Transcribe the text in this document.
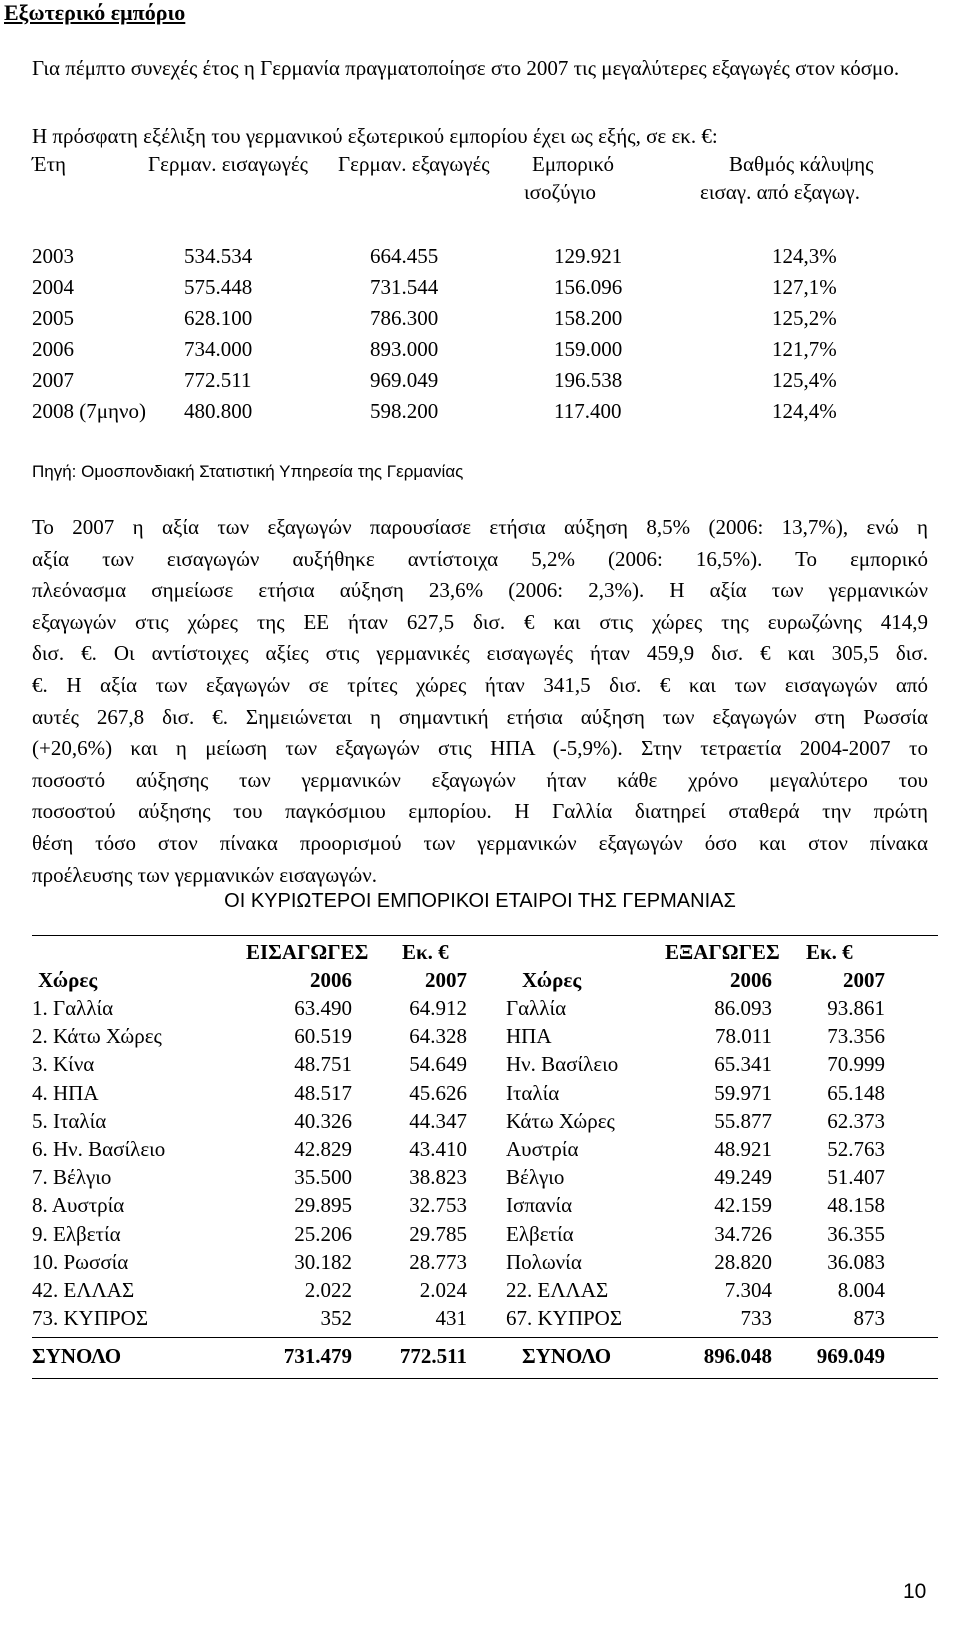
Εξωτερικό εμπόριο
Για πέμπτο συνεχές έτος η Γερμανία πραγματοποίησε στο 2007 τις μεγαλύτερες εξαγωγές στον κόσμο.
Η πρόσφατη εξέλιξη του γερμανικού εξωτερικού εμπορίου έχει ως εξής, σε εκ. €:
Έτη	Γερμαν. εισαγωγές Γερμαν. εξαγωγές Εμπορικό	Βαθμός κάλυψης
ισοζύγιο	εισαγ. από εξαγωγ.
2003	534.534	664.455	129.921	124,3%
2004	575.448	731.544	156.096	127,1%
2005	628.100	786.300	158.200	125,2%
2006	734.000	893.000	159.000	121,7%
2007	772.511	969.049	196.538	125,4%
2008 (7μηνο) 480.800	598.200	117.400	124,4%
Πηγή: Ομοσπονδιακή Στατιστική Υπηρεσία της Γερμανίας
Το 2007 η αξία των εξαγωγών παρουσίασε ετήσια αύξηση 8,5% (2006: 13,7%), ενώ η
αξία των εισαγωγών αυξήθηκε αντίστοιχα 5,2% (2006: 16,5%). Το εμπορικό
πλεόνασμα σημείωσε ετήσια αύξηση 23,6% (2006: 2,3%). Η αξία των γερμανικών
εξαγωγών στις χώρες της ΕΕ ήταν 627,5 δισ. € και στις χώρες της ευρωζώνης 414,9
δισ. €. Οι αντίστοιχες αξίες στις γερμανικές εισαγωγές ήταν 459,9 δισ. € και 305,5 δισ.
€. Η αξία των εξαγωγών σε τρίτες χώρες ήταν 341,5 δισ. € και των εισαγωγών από
αυτές 267,8 δισ. €. Σημειώνεται η σημαντική ετήσια αύξηση των εξαγωγών στη Ρωσσία
(+20,6%) και η μείωση των εξαγωγών στις ΗΠΑ (-5,9%). Στην τετραετία 2004-2007 το
ποσοστό αύξησης των γερμανικών εξαγωγών ήταν κάθε χρόνο μεγαλύτερο του
ποσοστού αύξησης του παγκόσμιου εμπορίου. Η Γαλλία διατηρεί σταθερά την πρώτη
θέση τόσο στον πίνακα προορισμού των γερμανικών εξαγωγών όσο και στον πίνακα
προέλευσης των γερμανικών εισαγωγών.
ΟΙ ΚΥΡΙΩΤΕΡΟΙ ΕΜΠΟΡΙΚΟΙ ΕΤΑΙΡΟΙ ΤΗΣ ΓΕΡΜΑΝΙΑΣ
ΕΙΣΑΓΩΓΕΣ Εκ. €	ΕΞΑΓΩΓΕΣ Εκ. €
Χώρες	2006	2007	Χώρες	2006	2007
1. Γαλλία	63.490	64.912 Γαλλία	86.093	93.861
2. Κάτω Χώρες	60.519	64.328 ΗΠΑ	78.011	73.356
3. Κίνα	48.751	54.649 Ην. Βασίλειο	65.341	70.999
4. ΗΠΑ	48.517	45.626 Ιταλία	59.971	65.148
5. Ιταλία	40.326	44.347 Κάτω Χώρες	55.877	62.373
6. Ην. Βασίλειο	42.829	43.410 Αυστρία	48.921	52.763
7. Βέλγιο	35.500	38.823 Βέλγιο	49.249	51.407
8. Αυστρία	29.895	32.753 Ισπανία	42.159	48.158
9. Ελβετία	25.206	29.785 Ελβετία	34.726	36.355
10. Ρωσσία	30.182	28.773 Πολωνία	28.820	36.083
42. ΕΛΛΑΣ	2.022	2.024 22. ΕΛΛΑΣ	7.304	8.004
73. ΚΥΠΡΟΣ	352	431 67. ΚΥΠΡΟΣ	733	873
ΣΥΝΟΛΟ	731.479	772.511	ΣΥΝΟΛΟ	896.048	969.049
10
